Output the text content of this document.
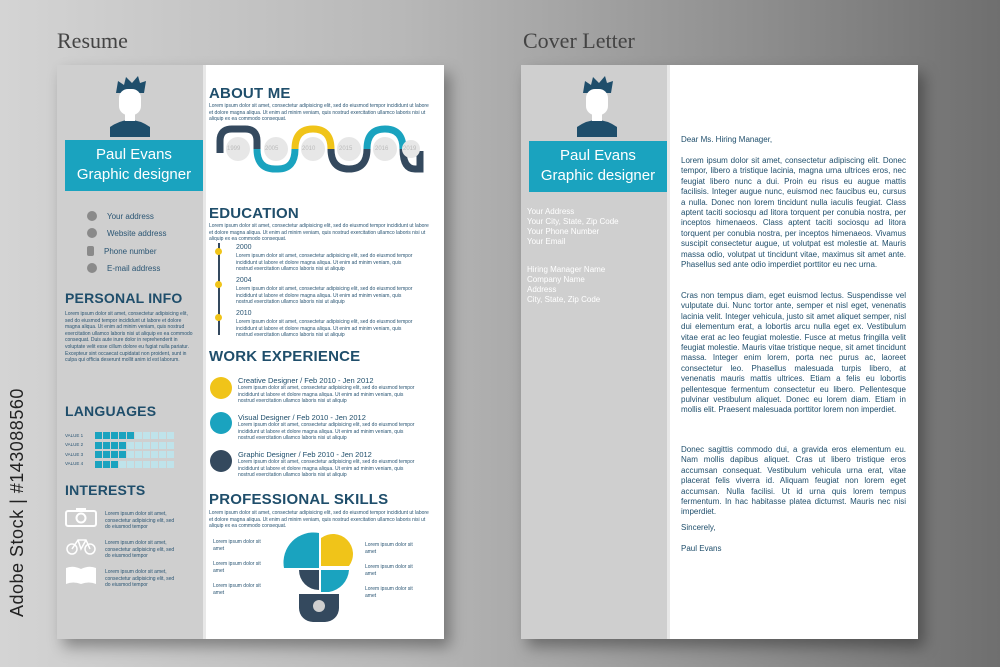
Resume	Cover Letter
Paul Evans
Graphic designer
Your address
Website address
Phone number
E-mail address
PERSONAL INFO
Lorem ipsum dolor sit amet, consectetur adipisicing elit, sed do eiusmod tempor incididunt ut labore et dolore magna aliqua. Ut enim ad minim veniam, quis nostrud exercitation ullamco laboris nisi ut aliquip ex ea commodo consequat. Duis aute irure dolor in reprehenderit in voluptate velit esse cillum dolore eu fugiat nulla pariatur. Excepteur sint occaecat cupidatat non proident, sunt in culpa qui officia deserunt mollit anim id est laborum.
LANGUAGES
INTERESTS
Lorem ipsum dolor sit amet, consectetur adipisicing elit, sed do eiusmod tempor
Lorem ipsum dolor sit amet, consectetur adipisicing elit, sed do eiusmod tempor
Lorem ipsum dolor sit amet, consectetur adipisicing elit, sed do eiusmod tempor
ABOUT ME
Lorem ipsum dolor sit amet, consectetur adipisicing elit, sed do eiusmod tempor incididunt ut labore et dolore magna aliqua. Ut enim ad minim veniam, quis nostrud exercitation ullamco laboris nisi ut aliquip ex ea commodo consequat.
1999	2005	2010	2015	2016 2019
EDUCATION
Lorem ipsum dolor sit amet, consectetur adipisicing elit, sed do eiusmod tempor incididunt ut labore et dolore magna aliqua. Ut enim ad minim veniam, quis nostrud exercitation ullamco laboris nisi ut aliquip ex ea commodo consequat.
2000
Lorem ipsum dolor sit amet, consectetur adipisicing elit, sed do eiusmod tempor incididunt ut labore et dolore magna aliqua. Ut enim ad minim veniam, quis nostrud exercitation ullamco laboris nisi ut aliquip
2004
Lorem ipsum dolor sit amet, consectetur adipisicing elit, sed do eiusmod tempor incididunt ut labore et dolore magna aliqua. Ut enim ad minim veniam, quis nostrud exercitation ullamco laboris nisi ut aliquip
2010
Lorem ipsum dolor sit amet, consectetur adipisicing elit, sed do eiusmod tempor incididunt ut labore et dolore magna aliqua. Ut enim ad minim veniam, quis nostrud exercitation ullamco laboris nisi ut aliquip
WORK EXPERIENCE
Creative Designer / Feb 2010 - Jen 2012
Lorem ipsum dolor sit amet, consectetur adipisicing elit, sed do eiusmod tempor incididunt ut labore et dolore magna aliqua. Ut enim ad minim veniam, quis nostrud exercitation ullamco laboris nisi ut aliquip
Visual Designer / Feb 2010 - Jen 2012
Lorem ipsum dolor sit amet, consectetur adipisicing elit, sed do eiusmod tempor incididunt ut labore et dolore magna aliqua. Ut enim ad minim veniam, quis nostrud exercitation ullamco laboris nisi ut aliquip
Graphic Designer / Feb 2010 - Jen 2012
Lorem ipsum dolor sit amet, consectetur adipisicing elit, sed do eiusmod tempor incididunt ut labore et dolore magna aliqua. Ut enim ad minim veniam, quis nostrud exercitation ullamco laboris nisi ut aliquip
PROFESSIONAL SKILLS
Lorem ipsum dolor sit amet, consectetur adipisicing elit, sed do eiusmod tempor incididunt ut labore et dolore magna aliqua. Ut enim ad minim veniam, quis nostrud exercitation ullamco laboris nisi ut aliquip ex ea commodo consequat.
Lorem ipsum dolor sit amet
Lorem ipsum dolor sit amet
Lorem ipsum dolor sit amet
Lorem ipsum dolor sit amet
Lorem ipsum dolor sit amet
Lorem ipsum dolor sit amet
VALUE 1
VALUE 2
VALUE 3
VALUE 4
Paul Evans
Graphic designer
Your Address
Your City, State, Zip Code
Your Phone Number
Your Email
Hiring Manager Name
Company Name
Address
City, State, Zip Code
Dear Ms. Hiring Manager,
Lorem ipsum dolor sit amet, consectetur adipiscing elit. Donec tempor, libero a tristique lacinia, magna urna ultrices eros, nec feugiat libero nunc a dui. Proin eu risus eu augue mattis facilisis. Integer augue nunc, euismod nec faucibus eu, cursus a nulla. Donec non lorem tincidunt nulla iaculis feugiat. Class aptent taciti sociosqu ad litora torquent per conubia nostra, per inceptos himenaeos. Class aptent taciti sociosqu ad litora torquent per conubia nostra, per inceptos himenaeos. Vivamus suscipit consectetur augue, ut volutpat est molestie at. Mauris massa odio, volutpat ut tincidunt vitae, maximus sit amet ante. Phasellus sed ante odio imperdiet porttitor eu nec urna.
Cras non tempus diam, eget euismod lectus. Suspendisse vel vulputate dui. Nunc tortor ante, semper et nisl eget, venenatis lacinia velit. Integer vehicula, justo sit amet aliquet semper, nisl dui elementum erat, a lobortis arcu nulla eget ex. Vestibulum vitae erat ac leo feugiat molestie. Fusce at metus fringilla velit feugiat molestie. Mauris vitae tristique neque, sit amet tincidunt massa. Integer enim lorem, porta nec purus ac, laoreet consectetur leo. Phasellus malesuada turpis libero, at venenatis mauris mattis ultrices. Etiam a felis eu lobortis pellentesque fermentum consectetur eu libero. Pellentesque pulvinar vestibulum aliquet. Donec eu lorem diam. Etiam in mollis elit. Praesent malesuada porttitor lorem non imperdiet.
Donec sagittis commodo dui, a gravida eros elementum eu. Nam mollis dapibus aliquet. Cras ut libero tristique eros accumsan consequat. Vestibulum vehicula urna erat, vitae placerat felis viverra id. Aliquam feugiat non lorem eget accumsan. Nulla facilisi. Ut id urna quis lorem tempus fermentum. In hac habitasse platea dictumst. Mauris nec nisi imperdiet.
Sincerely,
Paul Evans
Adobe Stock | #143088560
